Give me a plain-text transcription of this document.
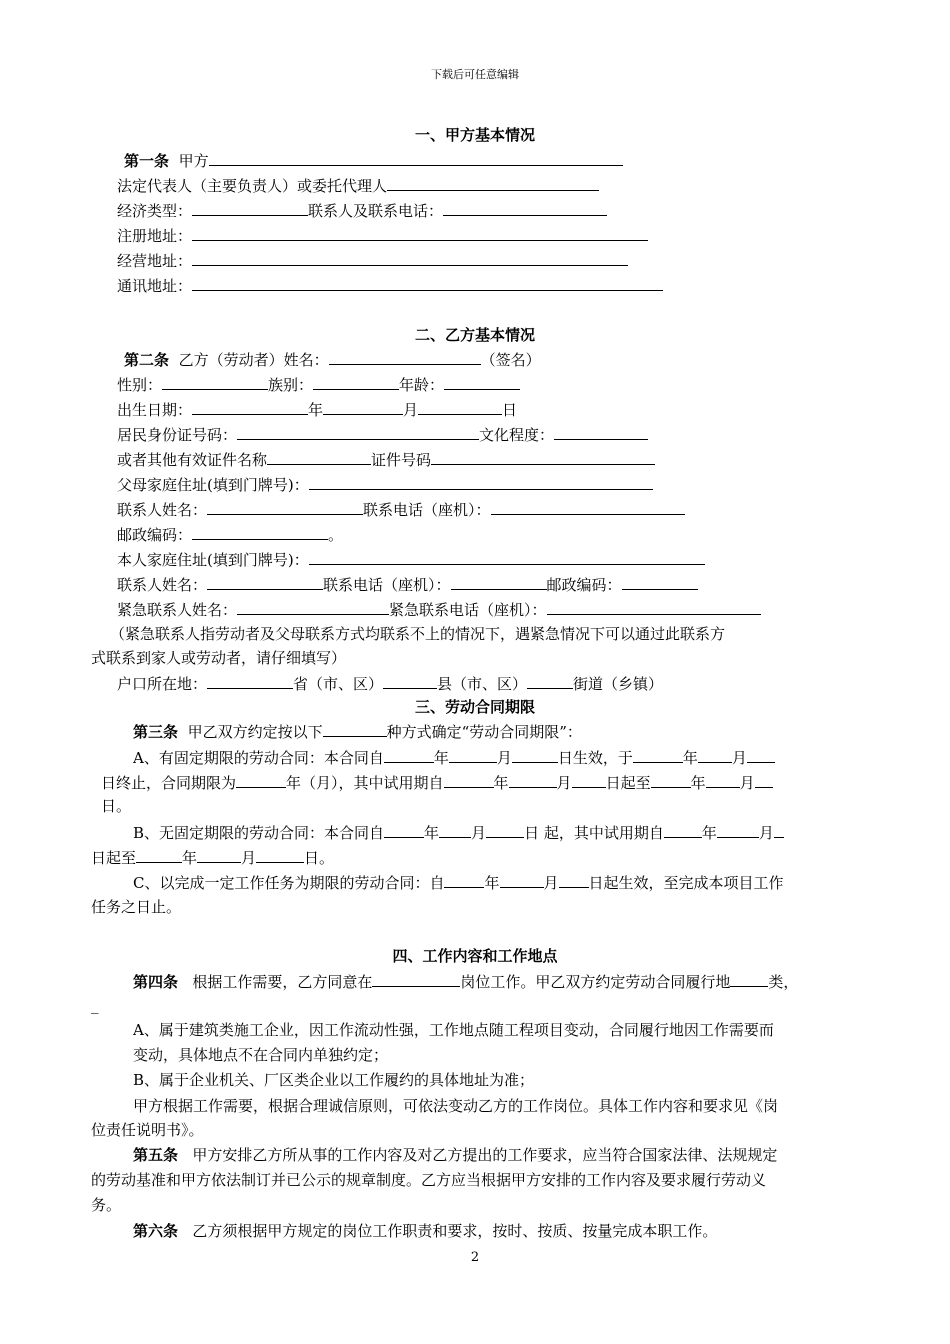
下载后可任意编辑
一、甲方基本情况
第一条 甲方
法定代表人（主要负责人）或委托代理人
经济类型：	联系人及联系电话：
注册地址：
经营地址：
通讯地址：
二、乙方基本情况
第二条 乙方（劳动者）姓名：	（签名）
性别：	族别：	年龄：
出生日期：	年	月	日
居民身份证号码：	文化程度：
或者其他有效证件名称	证件号码
父母家庭住址(填到门牌号)：
联系人姓名：	联系电话（座机）：
邮政编码：	。
本人家庭住址(填到门牌号)：
联系人姓名：	联系电话（座机）：	邮政编码：
紧急联系人姓名：	紧急联系电话（座机）：
（紧急联系人指劳动者及父母联系方式均联系不上的情况下，遇紧急情况下可以通过此联系方
式联系到家人或劳动者，请仔细填写）
户口所在地：	省（市、区）	县（市、区）	街道（乡镇）
三、劳动合同期限
第三条 甲乙双方约定按以下	种方式确定“劳动合同期限”：
A、有固定期限的劳动合同：本合同自	年	月	日生效，于	年 月
日终止，合同期限为	年（月），其中试用期自	年	月 日起至	年 月
日。
B、无固定期限的劳动合同：本合同自	年 月	日 起，其中试用期自	年	月
日起至	年	月	日。
C、以完成一定工作任务为期限的劳动合同：自	年	月 日起生效，至完成本项目工作
任务之日止。
四、工作内容和工作地点
第四条 根据工作需要，乙方同意在	岗位工作。甲乙双方约定劳动合同履行地	类，
_
A、属于建筑类施工企业，因工作流动性强，工作地点随工程项目变动，合同履行地因工作需要而
变动，具体地点不在合同内单独约定；
B、属于企业机关、厂区类企业以工作履约的具体地址为准；
甲方根据工作需要，根据合理诚信原则，可依法变动乙方的工作岗位。具体工作内容和要求见《岗
位责任说明书》。
第五条 甲方安排乙方所从事的工作内容及对乙方提出的工作要求，应当符合国家法律、法规规定
的劳动基准和甲方依法制订并已公示的规章制度。乙方应当根据甲方安排的工作内容及要求履行劳动义
务。
第六条 乙方须根据甲方规定的岗位工作职责和要求，按时、按质、按量完成本职工作。
2
